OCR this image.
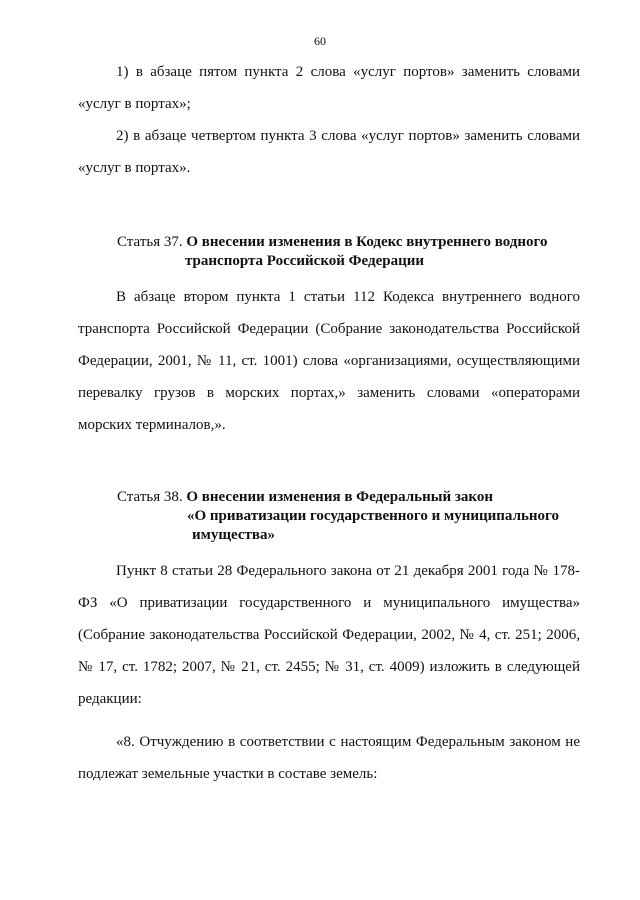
60

1) в абзаце пятом пункта 2 слова «услуг портов» заменить словами «услуг в портах»;

2) в абзаце четвертом пункта 3 слова «услуг портов» заменить словами «услуг в портах».

Статья 37. О внесении изменения в Кодекс внутреннего водного
транспорта Российской Федерации

В абзаце втором пункта 1 статьи 112 Кодекса внутреннего водного транспорта Российской Федерации (Собрание законодательства Российской Федерации, 2001, № 11, ст. 1001) слова «организациями, осуществляющими перевалку грузов в морских портах,» заменить словами «операторами морских терминалов,».

Статья 38. О внесении изменения в Федеральный закон
«О приватизации государственного и муниципального
имущества»

Пункт 8 статьи 28 Федерального закона от 21 декабря 2001 года № 178-ФЗ «О приватизации государственного и муниципального имущества» (Собрание законодательства Российской Федерации, 2002, № 4, ст. 251; 2006, № 17, ст. 1782; 2007, № 21, ст. 2455; № 31, ст. 4009) изложить в следующей редакции:

«8. Отчуждению в соответствии с настоящим Федеральным законом не подлежат земельные участки в составе земель:
